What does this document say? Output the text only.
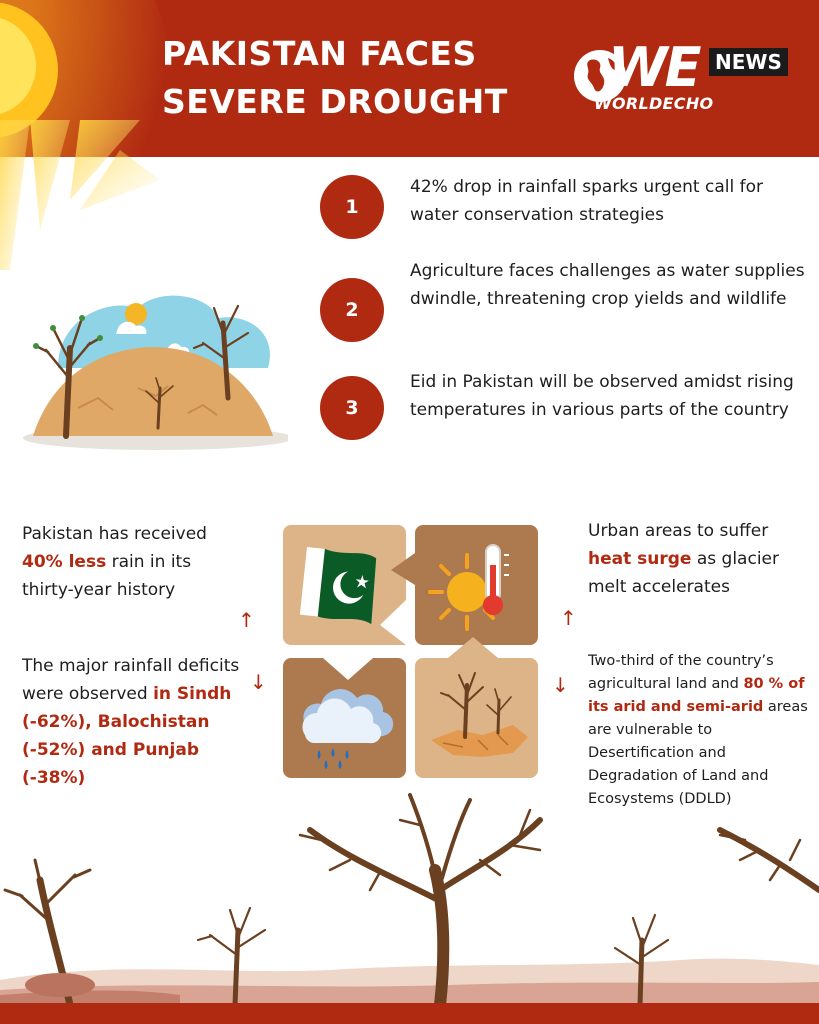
PAKISTAN FACES
SEVERE DROUGHT
WE NEWS
WORLDECHO
1
42% drop in rainfall sparks urgent call for water conservation strategies
2
Agriculture faces challenges as water supplies dwindle, threatening crop yields and wildlife
3
Eid in Pakistan will be observed amidst rising temperatures in various parts of the country
Pakistan has received 40% less rain in its thirty-year history
↑
The major rainfall deficits were observed in Sindh (-62%), Balochistan (-52%) and Punjab (-38%)
↓
Urban areas to suffer heat surge as glacier melt accelerates
↑
Two-third of the country’s agricultural land and 80 % of its arid and semi-arid areas are vulnerable to Desertification and Degradation of Land and Ecosystems (DDLD)
↓
